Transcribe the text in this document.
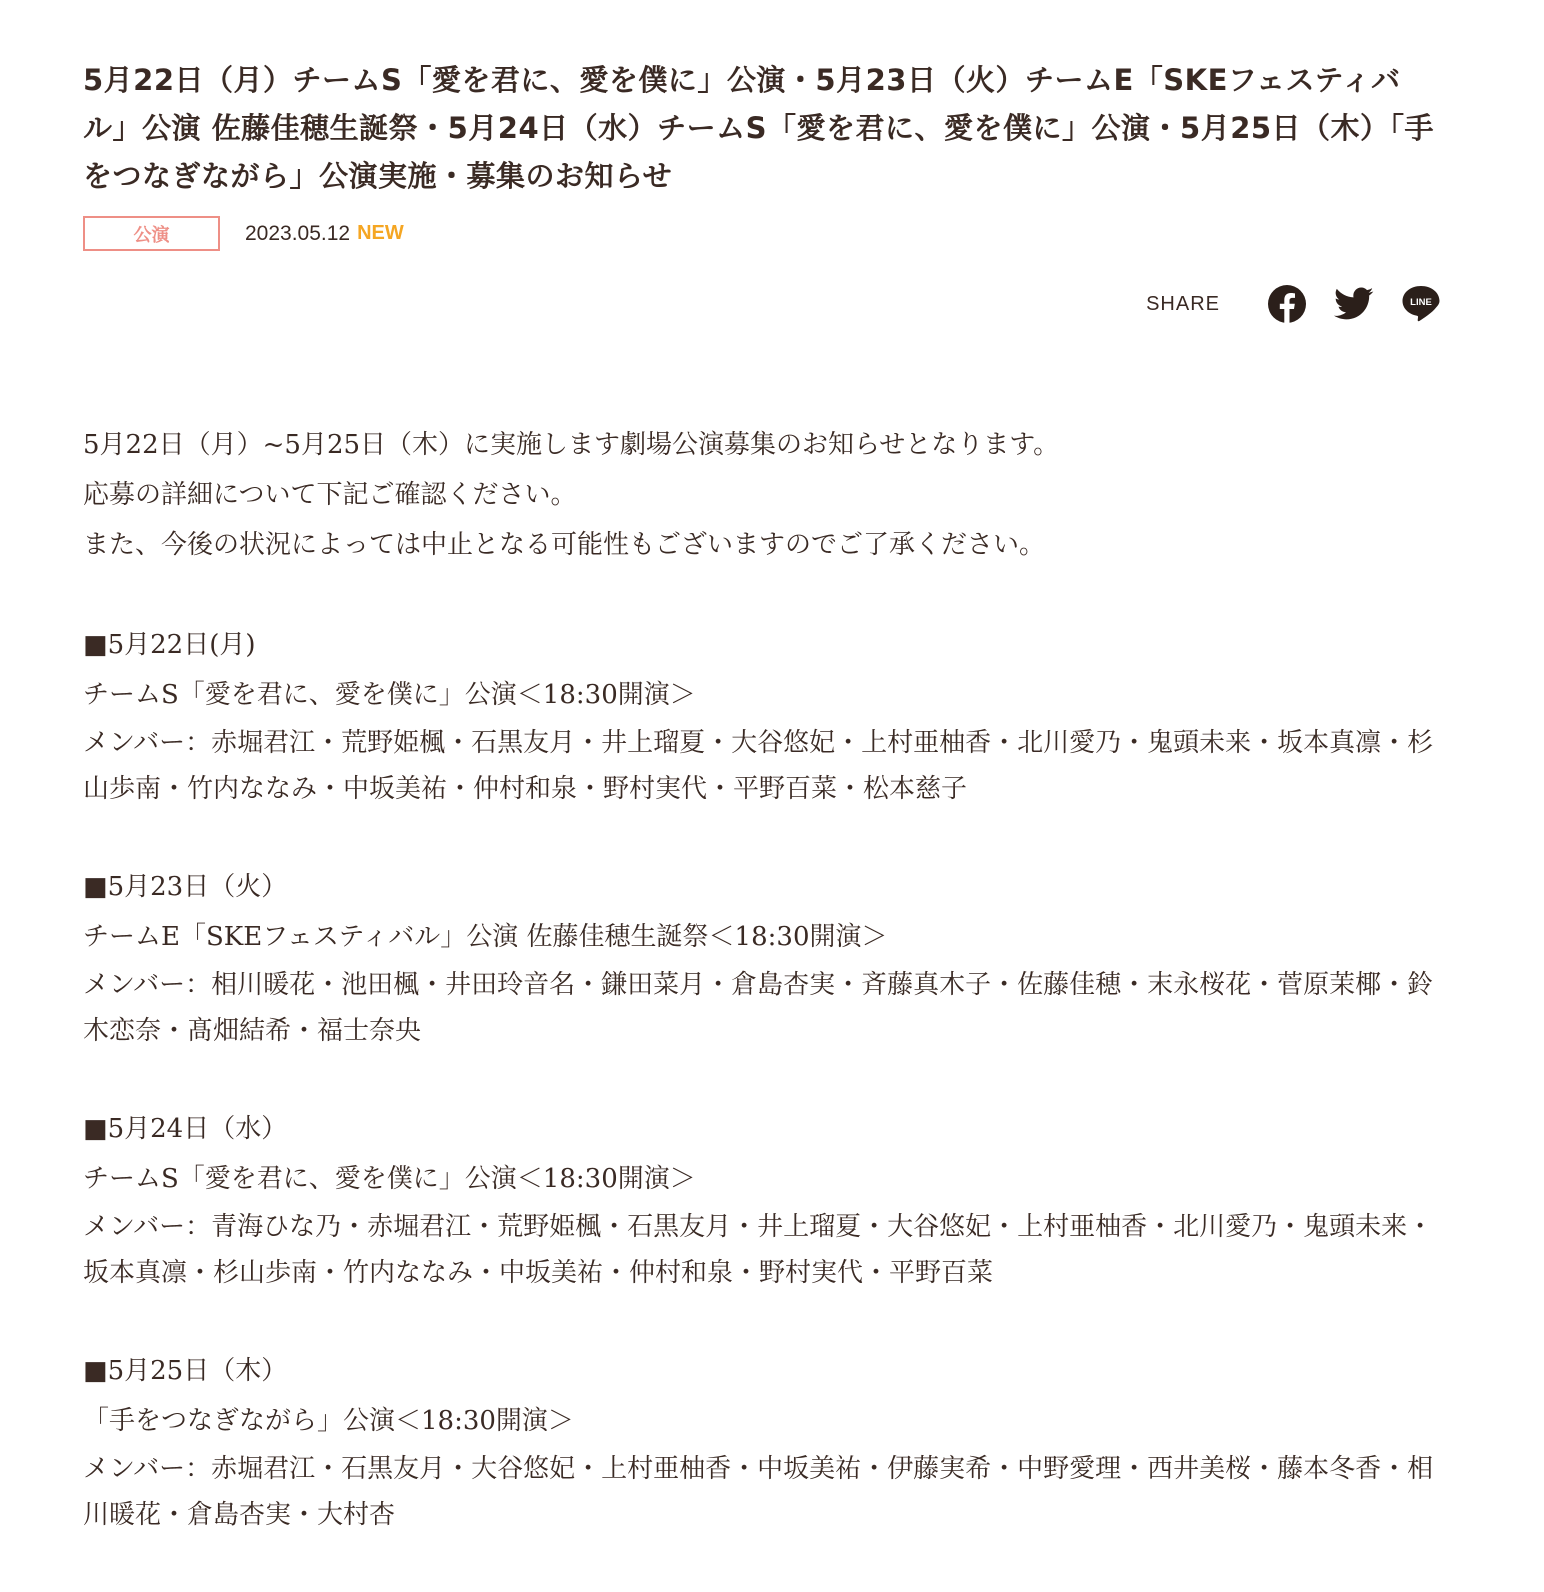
5月22日（月）チームS「愛を君に、愛を僕に」公演・5月23日（火）チームE「SKEフェスティバル」公演 佐藤佳穂生誕祭・5月24日（水）チームS「愛を君に、愛を僕に」公演・5月25日（木）「手をつなぎながら」公演実施・募集のお知らせ
公演	2023.05.12 NEW
SHARE	LINE

5月22日（月）~5月25日（木）に実施します劇場公演募集のお知らせとなります。

応募の詳細について下記ご確認ください。

また、今後の状況によっては中止となる可能性もございますのでご了承ください。

■5月22日(月)

チームS「愛を君に、愛を僕に」公演＜18:30開演＞

メンバー：赤堀君江・荒野姫楓・石黒友月・井上瑠夏・大谷悠妃・上村亜柚香・北川愛乃・鬼頭未来・坂本真凛・杉山歩南・竹内ななみ・中坂美祐・仲村和泉・野村実代・平野百菜・松本慈子

■5月23日（火）

チームE「SKEフェスティバル」公演 佐藤佳穂生誕祭＜18:30開演＞

メンバー：相川暖花・池田楓・井田玲音名・鎌田菜月・倉島杏実・斉藤真木子・佐藤佳穂・末永桜花・菅原茉椰・鈴木恋奈・髙畑結希・福士奈央

■5月24日（水）

チームS「愛を君に、愛を僕に」公演＜18:30開演＞

メンバー：青海ひな乃・赤堀君江・荒野姫楓・石黒友月・井上瑠夏・大谷悠妃・上村亜柚香・北川愛乃・鬼頭未来・坂本真凛・杉山歩南・竹内ななみ・中坂美祐・仲村和泉・野村実代・平野百菜

■5月25日（木）

「手をつなぎながら」公演＜18:30開演＞

メンバー：赤堀君江・石黒友月・大谷悠妃・上村亜柚香・中坂美祐・伊藤実希・中野愛理・西井美桜・藤本冬香・相川暖花・倉島杏実・大村杏
